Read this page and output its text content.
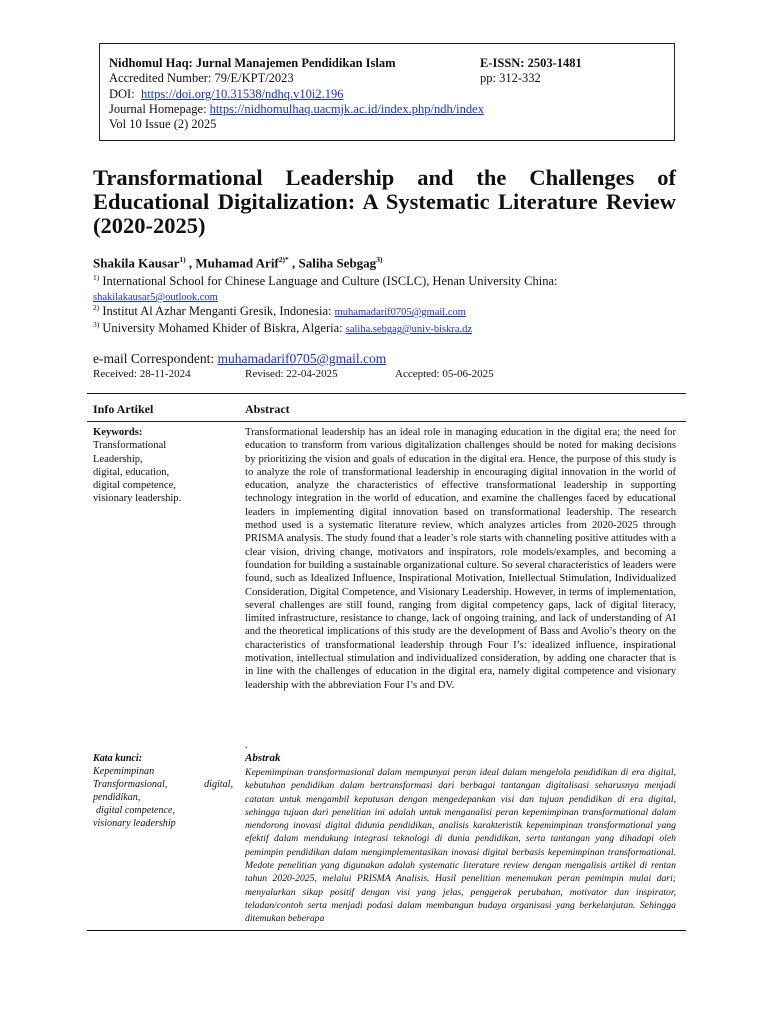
Nidhomul Haq: Jurnal Manajemen Pendidikan Islam	E-ISSN: 2503-1481
Accredited Number: 79/E/KPT/2023	pp: 312-332
DOI: https://doi.org/10.31538/ndhq.v10i2.196
Journal Homepage: https://nidhomulhaq.uacmjk.ac.id/index.php/ndh/index
Vol 10 Issue (2) 2025
Transformational Leadership and the Challenges of Educational Digitalization: A Systematic Literature Review (2020-2025)
Shakila Kausar$^{1)}$ , Muhamad Arif$^{2)*}$ , Saliha Sebgag$^{3)}$
$^{1)}$ International School for Chinese Language and Culture (ISCLC), Henan University China:
shakilakausar5@outlook.com
$^{2)}$ Institut Al Azhar Menganti Gresik, Indonesia: muhamadarif0705@gmail.com
$^{3)}$ University Mohamed Khider of Biskra, Algeria: saliha.sebgag@univ-biskra.dz
e-mail Correspondent: muhamadarif0705@gmail.com
Received: 28-11-2024	Revised: 22-04-2025	Accepted: 05-06-2025
Info Artikel	Abstract
Keywords:
Transformational
Leadership,
digital, education,
digital competence,
visionary leadership.

Transformational leadership has an ideal role in managing education in the digital era; the need for education to transform from various digitalization challenges should be noted for making decisions by prioritizing the vision and goals of education in the digital era. Hence, the purpose of this study is to analyze the role of transformational leadership in encouraging digital innovation in the world of education, analyze the characteristics of effective transformational leadership in supporting technology integration in the world of education, and examine the challenges faced by educational leaders in implementing digital innovation based on transformational leadership. The research method used is a systematic literature review, which analyzes articles from 2020-2025 through PRISMA analysis. The study found that a leader’s role starts with channeling positive attitudes with a clear vision, driving change, motivators and inspirators, role models/examples, and becoming a foundation for building a sustainable organizational culture. So several characteristics of leaders were found, such as Idealized Influence, Inspirational Motivation, Intellectual Stimulation, Individualized Consideration, Digital Competence, and Visionary Leadership. However, in terms of implementation, several challenges are still found, ranging from digital competency gaps, lack of digital literacy, limited infrastructure, resistance to change, lack of ongoing training, and lack of understanding of AI and the theoretical implications of this study are the development of Bass and Avolio’s theory on the characteristics of transformational leadership through Four I’s: idealized influence, inspirational motivation, intellectual stimulation and individualized consideration, by adding one character that is in line with the challenges of education in the digital era, namely digital competence and visionary leadership with the abbreviation Four I’s and DV.

.
Kata kunci:
Kepemimpinan
Transformasional,	digital,
pendidikan,
digital competence,
visionary leadership
Abstrak

Kepemimpinan transformasional dalam mempunyai peran ideal dalam mengelola pendidikan di era digital, kebutuhan pendidikan dalam bertransformasi dari berbagai tantangan digitalisasi seharusnya menjadi catatan untuk mengambil keputusan dengan mengedepankan visi dan tujuan pendidikan di era digital, sehingga tujuan dari penelitian ini adalah untuk menganalisi peran kepemimpinan transformational dalam mendorong inovasi digital didunia pendidikan, analisis karakteristik kepemimpinan transformational yang efektif dalam mendukung integrasi teknologi di dunia pendidikan, serta tantangan yang dihadapi oleh pemimpin pendidikan dalam mengimplementasikan inovasi digital berbasis kepemimpinan transformational. Medote penelitian yang digunakan adalah systematic literature review dengan mengalisis artikel di rentan tahun 2020-2025, melalui PRISMA Analisis. Hasil penelitian menemukan peran pemimpin mulai dari; menyalurkan sikap positif dengan visi yang jelas, penggerak perubahan, motivator dan inspirator, teladan/contoh serta menjadi podasi dalam membangun budaya organisasi yang berkelanjutan. Sehingga ditemukan beberapa
